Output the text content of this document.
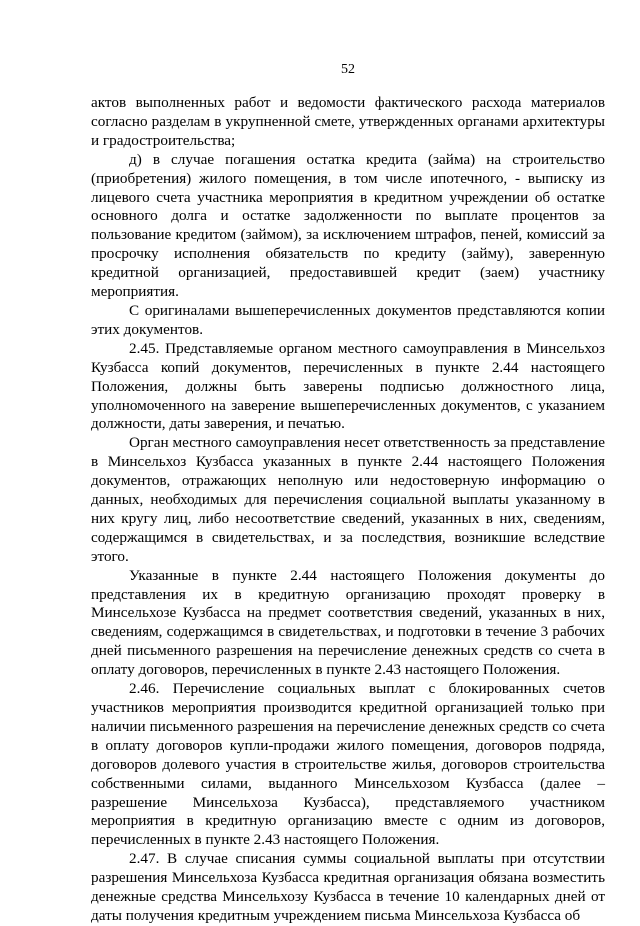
52

актов выполненных работ и ведомости фактического расхода материалов согласно разделам в укрупненной смете, утвержденных органами архитектуры и градостроительства;

д) в случае погашения остатка кредита (займа) на строительство (приобретения) жилого помещения, в том числе ипотечного, - выписку из лицевого счета участника мероприятия в кредитном учреждении об остатке основного долга и остатке задолженности по выплате процентов за пользование кредитом (займом), за исключением штрафов, пеней, комиссий за просрочку исполнения обязательств по кредиту (займу), заверенную кредитной организацией, предоставившей кредит (заем) участнику мероприятия.

С оригиналами вышеперечисленных документов представляются копии этих документов.

2.45. Представляемые органом местного самоуправления в Минсельхоз Кузбасса копий документов, перечисленных в пункте 2.44 настоящего Положения, должны быть заверены подписью должностного лица, уполномоченного на заверение вышеперечисленных документов, с указанием должности, даты заверения, и печатью.

Орган местного самоуправления несет ответственность за представление в Минсельхоз Кузбасса указанных в пункте 2.44 настоящего Положения документов, отражающих неполную или недостоверную информацию о данных, необходимых для перечисления социальной выплаты указанному в них кругу лиц, либо несоответствие сведений, указанных в них, сведениям, содержащимся в свидетельствах, и за последствия, возникшие вследствие этого.

Указанные в пункте 2.44 настоящего Положения документы до представления их в кредитную организацию проходят проверку в Минсельхозе Кузбасса на предмет соответствия сведений, указанных в них, сведениям, содержащимся в свидетельствах, и подготовки в течение 3 рабочих дней письменного разрешения на перечисление денежных средств со счета в оплату договоров, перечисленных в пункте 2.43 настоящего Положения.

2.46. Перечисление социальных выплат с блокированных счетов участников мероприятия производится кредитной организацией только при наличии письменного разрешения на перечисление денежных средств со счета в оплату договоров купли-продажи жилого помещения, договоров подряда, договоров долевого участия в строительстве жилья, договоров строительства собственными силами, выданного Минсельхозом Кузбасса (далее – разрешение Минсельхоза Кузбасса), представляемого участником мероприятия в кредитную организацию вместе с одним из договоров, перечисленных в пункте 2.43 настоящего Положения.

2.47. В случае списания суммы социальной выплаты при отсутствии разрешения Минсельхоза Кузбасса кредитная организация обязана возместить денежные средства Минсельхозу Кузбасса в течение 10 календарных дней от даты получения кредитным учреждением письма Минсельхоза Кузбасса об
